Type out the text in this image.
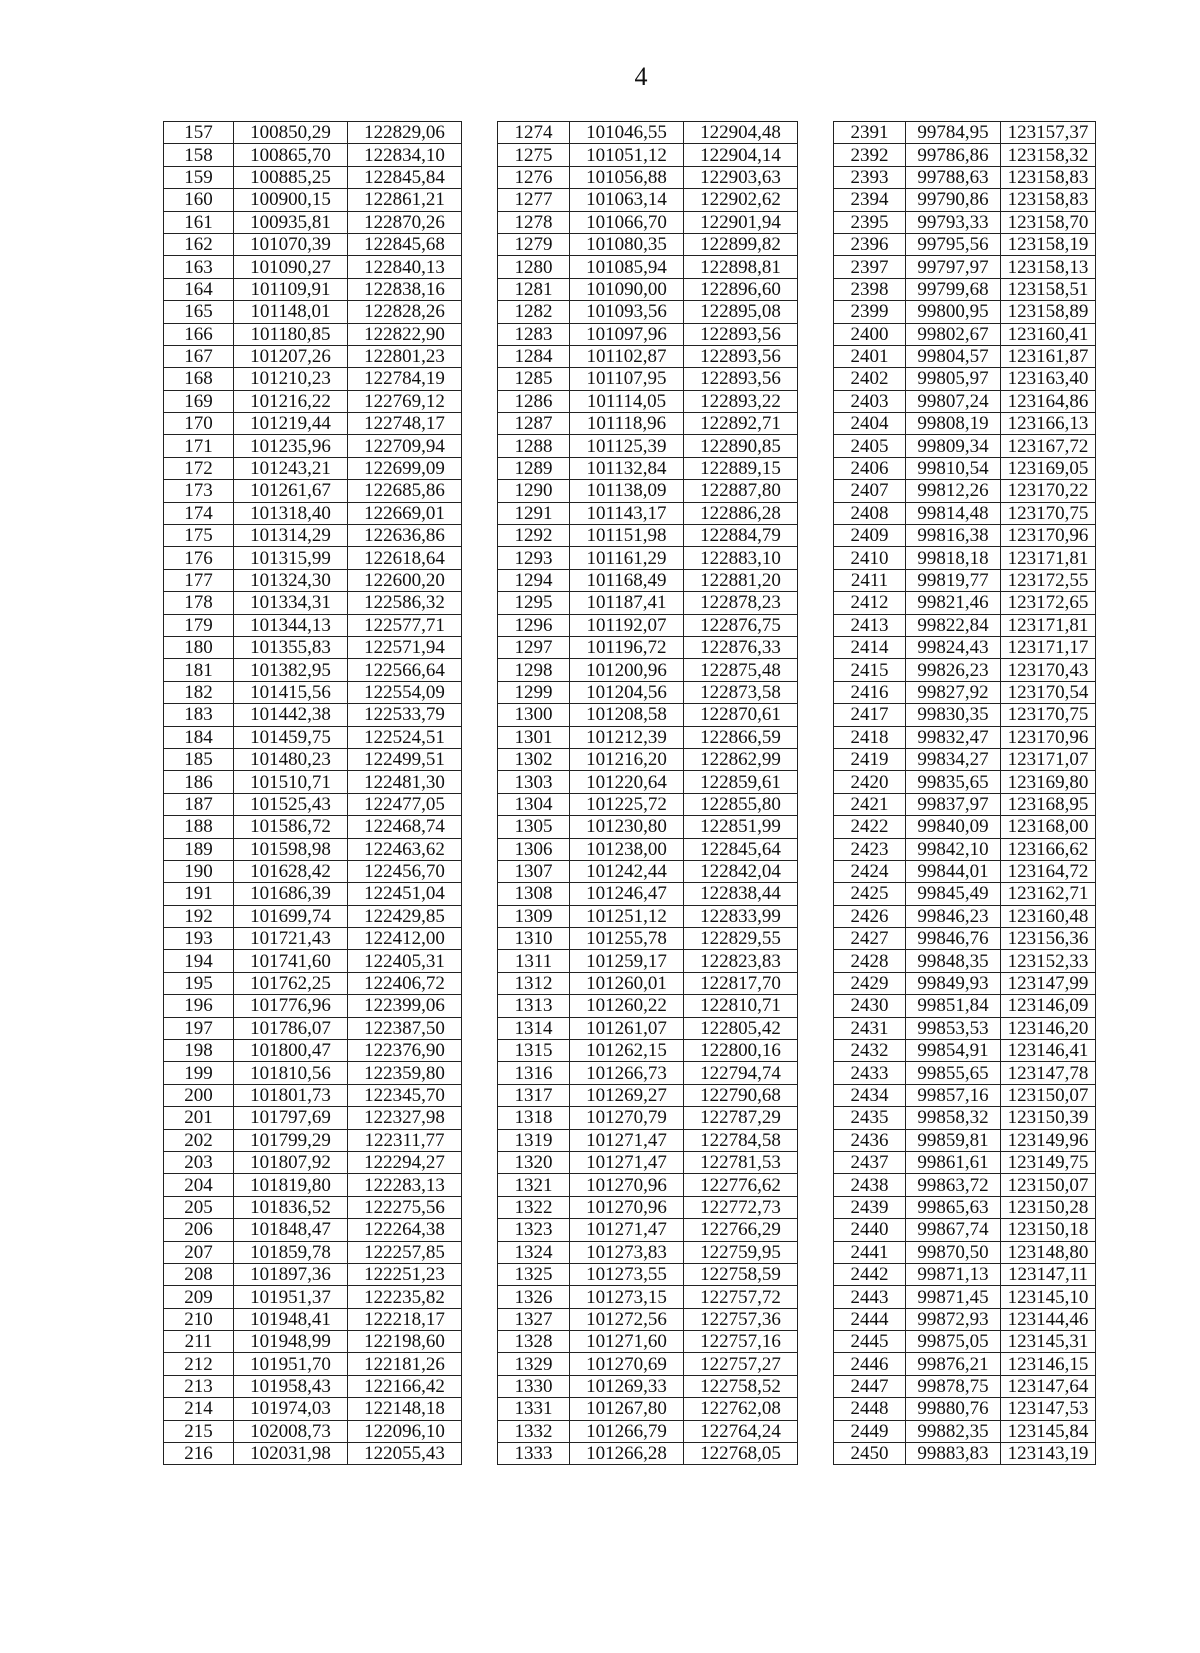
4
157	100850,29	122829,06		1274	101046,55	122904,48		2391	99784,95	123157,37
158	100865,70	122834,10		1275	101051,12	122904,14		2392	99786,86	123158,32
159	100885,25	122845,84		1276	101056,88	122903,63		2393	99788,63	123158,83
160	100900,15	122861,21		1277	101063,14	122902,62		2394	99790,86	123158,83
161	100935,81	122870,26		1278	101066,70	122901,94		2395	99793,33	123158,70
162	101070,39	122845,68		1279	101080,35	122899,82		2396	99795,56	123158,19
163	101090,27	122840,13		1280	101085,94	122898,81		2397	99797,97	123158,13
164	101109,91	122838,16		1281	101090,00	122896,60		2398	99799,68	123158,51
165	101148,01	122828,26		1282	101093,56	122895,08		2399	99800,95	123158,89
166	101180,85	122822,90		1283	101097,96	122893,56		2400	99802,67	123160,41
167	101207,26	122801,23		1284	101102,87	122893,56		2401	99804,57	123161,87
168	101210,23	122784,19		1285	101107,95	122893,56		2402	99805,97	123163,40
169	101216,22	122769,12		1286	101114,05	122893,22		2403	99807,24	123164,86
170	101219,44	122748,17		1287	101118,96	122892,71		2404	99808,19	123166,13
171	101235,96	122709,94		1288	101125,39	122890,85		2405	99809,34	123167,72
172	101243,21	122699,09		1289	101132,84	122889,15		2406	99810,54	123169,05
173	101261,67	122685,86		1290	101138,09	122887,80		2407	99812,26	123170,22
174	101318,40	122669,01		1291	101143,17	122886,28		2408	99814,48	123170,75
175	101314,29	122636,86		1292	101151,98	122884,79		2409	99816,38	123170,96
176	101315,99	122618,64		1293	101161,29	122883,10		2410	99818,18	123171,81
177	101324,30	122600,20		1294	101168,49	122881,20		2411	99819,77	123172,55
178	101334,31	122586,32		1295	101187,41	122878,23		2412	99821,46	123172,65
179	101344,13	122577,71		1296	101192,07	122876,75		2413	99822,84	123171,81
180	101355,83	122571,94		1297	101196,72	122876,33		2414	99824,43	123171,17
181	101382,95	122566,64		1298	101200,96	122875,48		2415	99826,23	123170,43
182	101415,56	122554,09		1299	101204,56	122873,58		2416	99827,92	123170,54
183	101442,38	122533,79		1300	101208,58	122870,61		2417	99830,35	123170,75
184	101459,75	122524,51		1301	101212,39	122866,59		2418	99832,47	123170,96
185	101480,23	122499,51		1302	101216,20	122862,99		2419	99834,27	123171,07
186	101510,71	122481,30		1303	101220,64	122859,61		2420	99835,65	123169,80
187	101525,43	122477,05		1304	101225,72	122855,80		2421	99837,97	123168,95
188	101586,72	122468,74		1305	101230,80	122851,99		2422	99840,09	123168,00
189	101598,98	122463,62		1306	101238,00	122845,64		2423	99842,10	123166,62
190	101628,42	122456,70		1307	101242,44	122842,04		2424	99844,01	123164,72
191	101686,39	122451,04		1308	101246,47	122838,44		2425	99845,49	123162,71
192	101699,74	122429,85		1309	101251,12	122833,99		2426	99846,23	123160,48
193	101721,43	122412,00		1310	101255,78	122829,55		2427	99846,76	123156,36
194	101741,60	122405,31		1311	101259,17	122823,83		2428	99848,35	123152,33
195	101762,25	122406,72		1312	101260,01	122817,70		2429	99849,93	123147,99
196	101776,96	122399,06		1313	101260,22	122810,71		2430	99851,84	123146,09
197	101786,07	122387,50		1314	101261,07	122805,42		2431	99853,53	123146,20
198	101800,47	122376,90		1315	101262,15	122800,16		2432	99854,91	123146,41
199	101810,56	122359,80		1316	101266,73	122794,74		2433	99855,65	123147,78
200	101801,73	122345,70		1317	101269,27	122790,68		2434	99857,16	123150,07
201	101797,69	122327,98		1318	101270,79	122787,29		2435	99858,32	123150,39
202	101799,29	122311,77		1319	101271,47	122784,58		2436	99859,81	123149,96
203	101807,92	122294,27		1320	101271,47	122781,53		2437	99861,61	123149,75
204	101819,80	122283,13		1321	101270,96	122776,62		2438	99863,72	123150,07
205	101836,52	122275,56		1322	101270,96	122772,73		2439	99865,63	123150,28
206	101848,47	122264,38		1323	101271,47	122766,29		2440	99867,74	123150,18
207	101859,78	122257,85		1324	101273,83	122759,95		2441	99870,50	123148,80
208	101897,36	122251,23		1325	101273,55	122758,59		2442	99871,13	123147,11
209	101951,37	122235,82		1326	101273,15	122757,72		2443	99871,45	123145,10
210	101948,41	122218,17		1327	101272,56	122757,36		2444	99872,93	123144,46
211	101948,99	122198,60		1328	101271,60	122757,16		2445	99875,05	123145,31
212	101951,70	122181,26		1329	101270,69	122757,27		2446	99876,21	123146,15
213	101958,43	122166,42		1330	101269,33	122758,52		2447	99878,75	123147,64
214	101974,03	122148,18		1331	101267,80	122762,08		2448	99880,76	123147,53
215	102008,73	122096,10		1332	101266,79	122764,24		2449	99882,35	123145,84
216	102031,98	122055,43		1333	101266,28	122768,05		2450	99883,83	123143,19
